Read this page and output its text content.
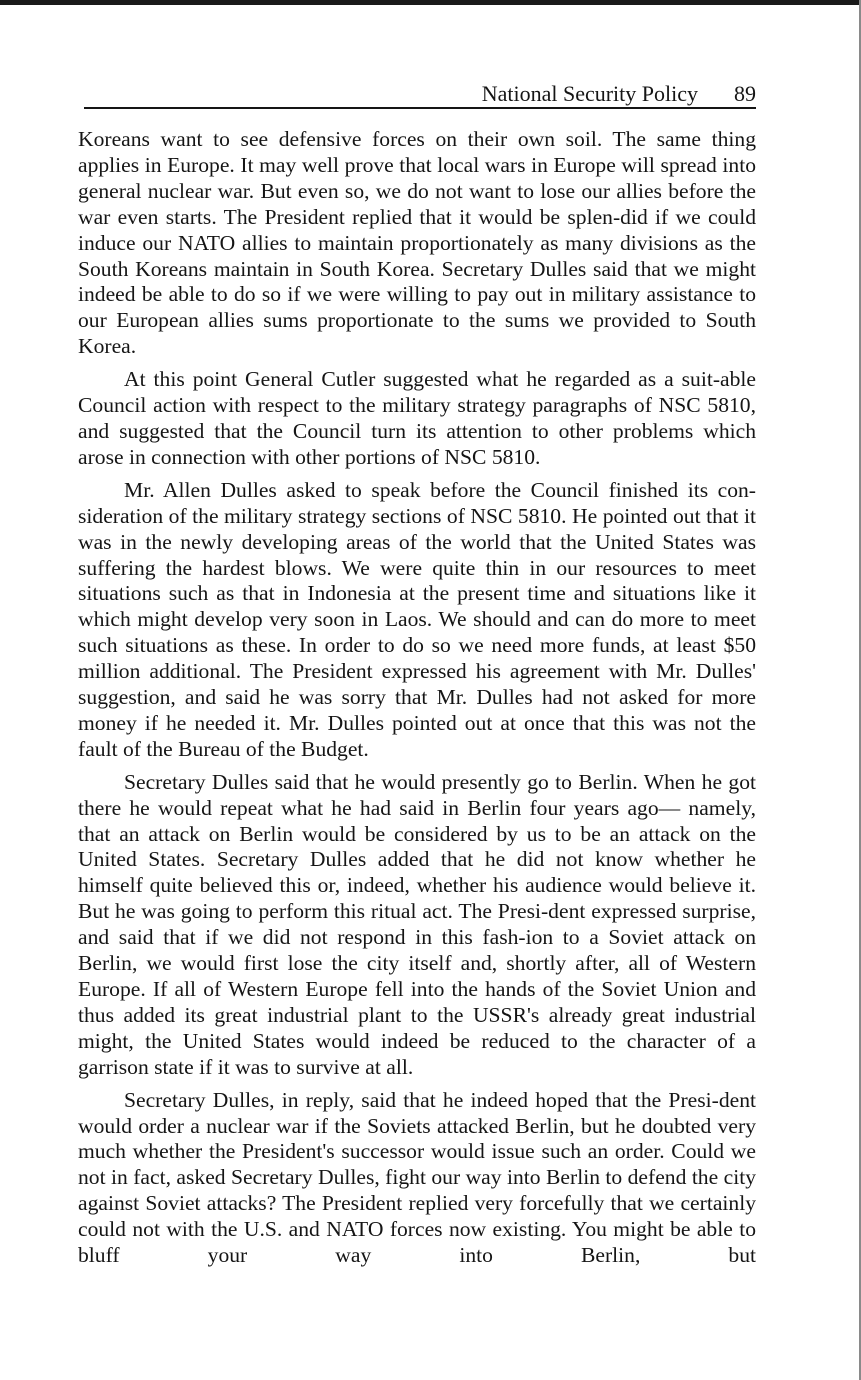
National Security Policy 89

Koreans want to see defensive forces on their own soil. The same thing applies in Europe. It may well prove that local wars in Europe will spread into general nuclear war. But even so, we do not want to lose our allies before the war even starts. The President replied that it would be splen-did if we could induce our NATO allies to maintain proportionately as many divisions as the South Koreans maintain in South Korea. Secretary Dulles said that we might indeed be able to do so if we were willing to pay out in military assistance to our European allies sums proportionate to the sums we provided to South Korea.

At this point General Cutler suggested what he regarded as a suit-able Council action with respect to the military strategy paragraphs of NSC 5810, and suggested that the Council turn its attention to other problems which arose in connection with other portions of NSC 5810.

Mr. Allen Dulles asked to speak before the Council finished its con-sideration of the military strategy sections of NSC 5810. He pointed out that it was in the newly developing areas of the world that the United States was suffering the hardest blows. We were quite thin in our resources to meet situations such as that in Indonesia at the present time and situations like it which might develop very soon in Laos. We should and can do more to meet such situations as these. In order to do so we need more funds, at least $50 million additional. The President expressed his agreement with Mr. Dulles' suggestion, and said he was sorry that Mr. Dulles had not asked for more money if he needed it. Mr. Dulles pointed out at once that this was not the fault of the Bureau of the Budget.

Secretary Dulles said that he would presently go to Berlin. When he got there he would repeat what he had said in Berlin four years ago— namely, that an attack on Berlin would be considered by us to be an attack on the United States. Secretary Dulles added that he did not know whether he himself quite believed this or, indeed, whether his audience would believe it. But he was going to perform this ritual act. The Presi-dent expressed surprise, and said that if we did not respond in this fash-ion to a Soviet attack on Berlin, we would first lose the city itself and, shortly after, all of Western Europe. If all of Western Europe fell into the hands of the Soviet Union and thus added its great industrial plant to the USSR's already great industrial might, the United States would indeed be reduced to the character of a garrison state if it was to survive at all.

Secretary Dulles, in reply, said that he indeed hoped that the Presi-dent would order a nuclear war if the Soviets attacked Berlin, but he doubted very much whether the President's successor would issue such an order. Could we not in fact, asked Secretary Dulles, fight our way into Berlin to defend the city against Soviet attacks? The President replied very forcefully that we certainly could not with the U.S. and NATO forces now existing. You might be able to bluff your way into Berlin, but
